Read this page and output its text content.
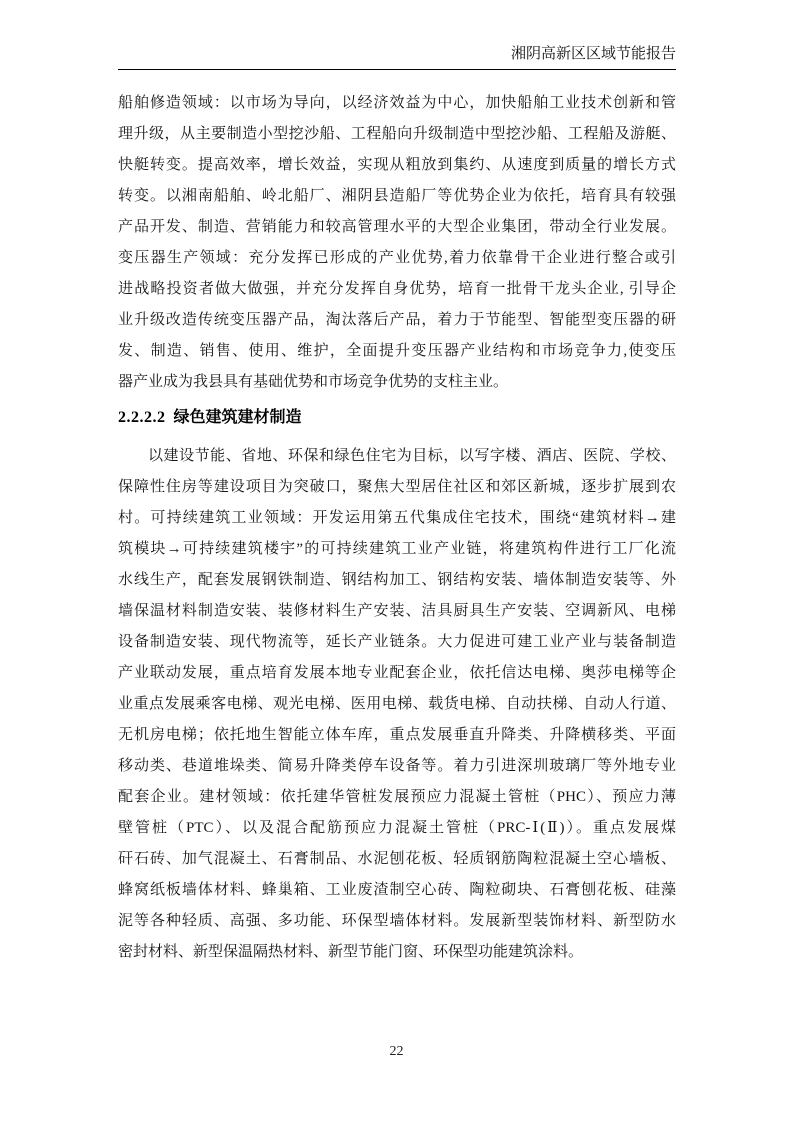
湘阴高新区区域节能报告
船舶修造领域：以市场为导向，以经济效益为中心，加快船舶工业技术创新和管
理升级，从主要制造小型挖沙船、工程船向升级制造中型挖沙船、工程船及游艇、
快艇转变。提高效率，增长效益，实现从粗放到集约、从速度到质量的增长方式
转变。以湘南船舶、岭北船厂、湘阴县造船厂等优势企业为依托，培育具有较强
产品开发、制造、营销能力和较高管理水平的大型企业集团，带动全行业发展。
变压器生产领域：充分发挥已形成的产业优势,着力依靠骨干企业进行整合或引
进战略投资者做大做强，并充分发挥自身优势，培育一批骨干龙头企业, 引导企
业升级改造传统变压器产品，淘汰落后产品，着力于节能型、智能型变压器的研
发、制造、销售、使用、维护，全面提升变压器产业结构和市场竞争力,使变压
器产业成为我县具有基础优势和市场竞争优势的支柱主业。
2.2.2.2 绿色建筑建材制造
以建设节能、省地、环保和绿色住宅为目标，以写字楼、酒店、医院、学校、
保障性住房等建设项目为突破口，聚焦大型居住社区和郊区新城，逐步扩展到农
村。可持续建筑工业领域：开发运用第五代集成住宅技术，围绕“建筑材料→建
筑模块→可持续建筑楼宇”的可持续建筑工业产业链，将建筑构件进行工厂化流
水线生产，配套发展钢铁制造、钢结构加工、钢结构安装、墙体制造安装等、外
墙保温材料制造安装、装修材料生产安装、洁具厨具生产安装、空调新风、电梯
设备制造安装、现代物流等，延长产业链条。大力促进可建工业产业与装备制造
产业联动发展，重点培育发展本地专业配套企业，依托信达电梯、奥莎电梯等企
业重点发展乘客电梯、观光电梯、医用电梯、载货电梯、自动扶梯、自动人行道、
无机房电梯；依托地生智能立体车库，重点发展垂直升降类、升降横移类、平面
移动类、巷道堆垛类、简易升降类停车设备等。着力引进深圳玻璃厂等外地专业
配套企业。建材领域：依托建华管桩发展预应力混凝土管桩（PHC）、预应力薄
壁管桩（PTC）、以及混合配筋预应力混凝土管桩（PRC-Ⅰ(Ⅱ)）。重点发展煤
矸石砖、加气混凝土、石膏制品、水泥刨花板、轻质钢筋陶粒混凝土空心墙板、
蜂窝纸板墙体材料、蜂巢箱、工业废渣制空心砖、陶粒砌块、石膏刨花板、硅藻
泥等各种轻质、高强、多功能、环保型墙体材料。发展新型装饰材料、新型防水
密封材料、新型保温隔热材料、新型节能门窗、环保型功能建筑涂料。
22
